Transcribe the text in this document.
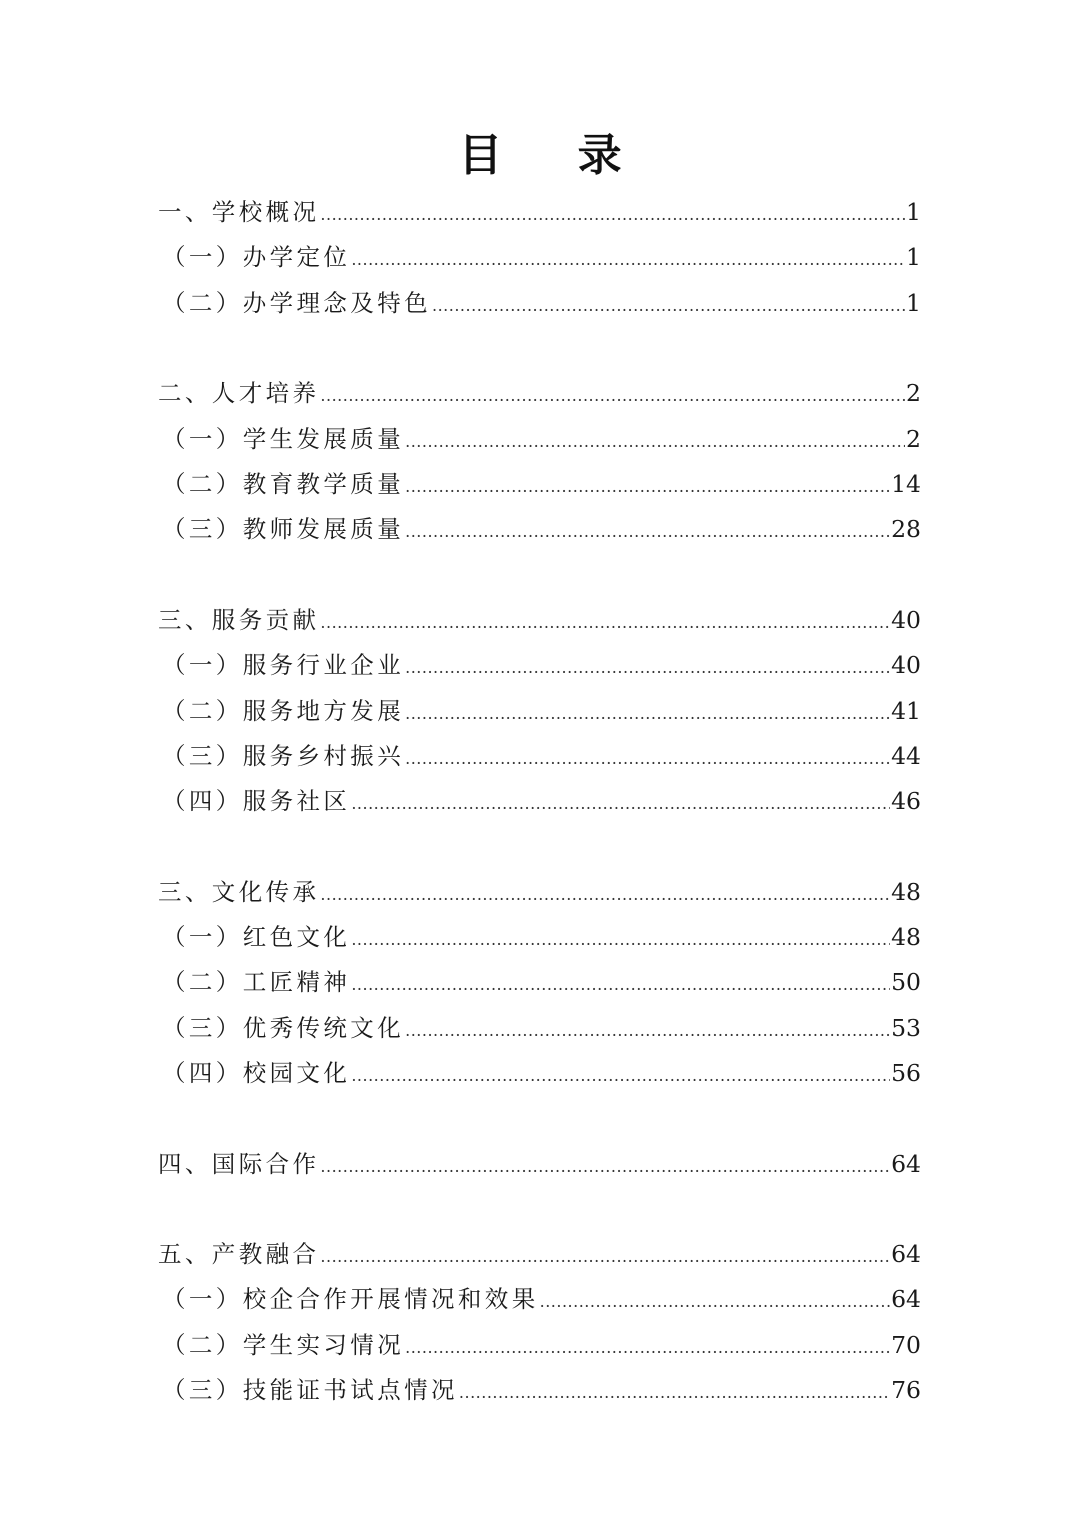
目 录
一、学校概况 .....	1
（一）办学定位 .....	1
（二）办学理念及特色 .....	1
二、人才培养 .....	2
（一）学生发展质量 .....	2
（二）教育教学质量 .....	14
（三）教师发展质量 .....	28
三、服务贡献 .....	40
（一）服务行业企业 .....	40
（二）服务地方发展 .....	41
（三）服务乡村振兴 .....	44
（四）服务社区 .....	46
三、文化传承 .....	48
（一）红色文化 .....	48
（二）工匠精神 .....	50
（三）优秀传统文化 .....	53
（四）校园文化 .....	56
四、国际合作 .....	64
五、产教融合 .....	64
（一）校企合作开展情况和效果 .....	64
（二）学生实习情况 .....	70
（三）技能证书试点情况 .....	76
